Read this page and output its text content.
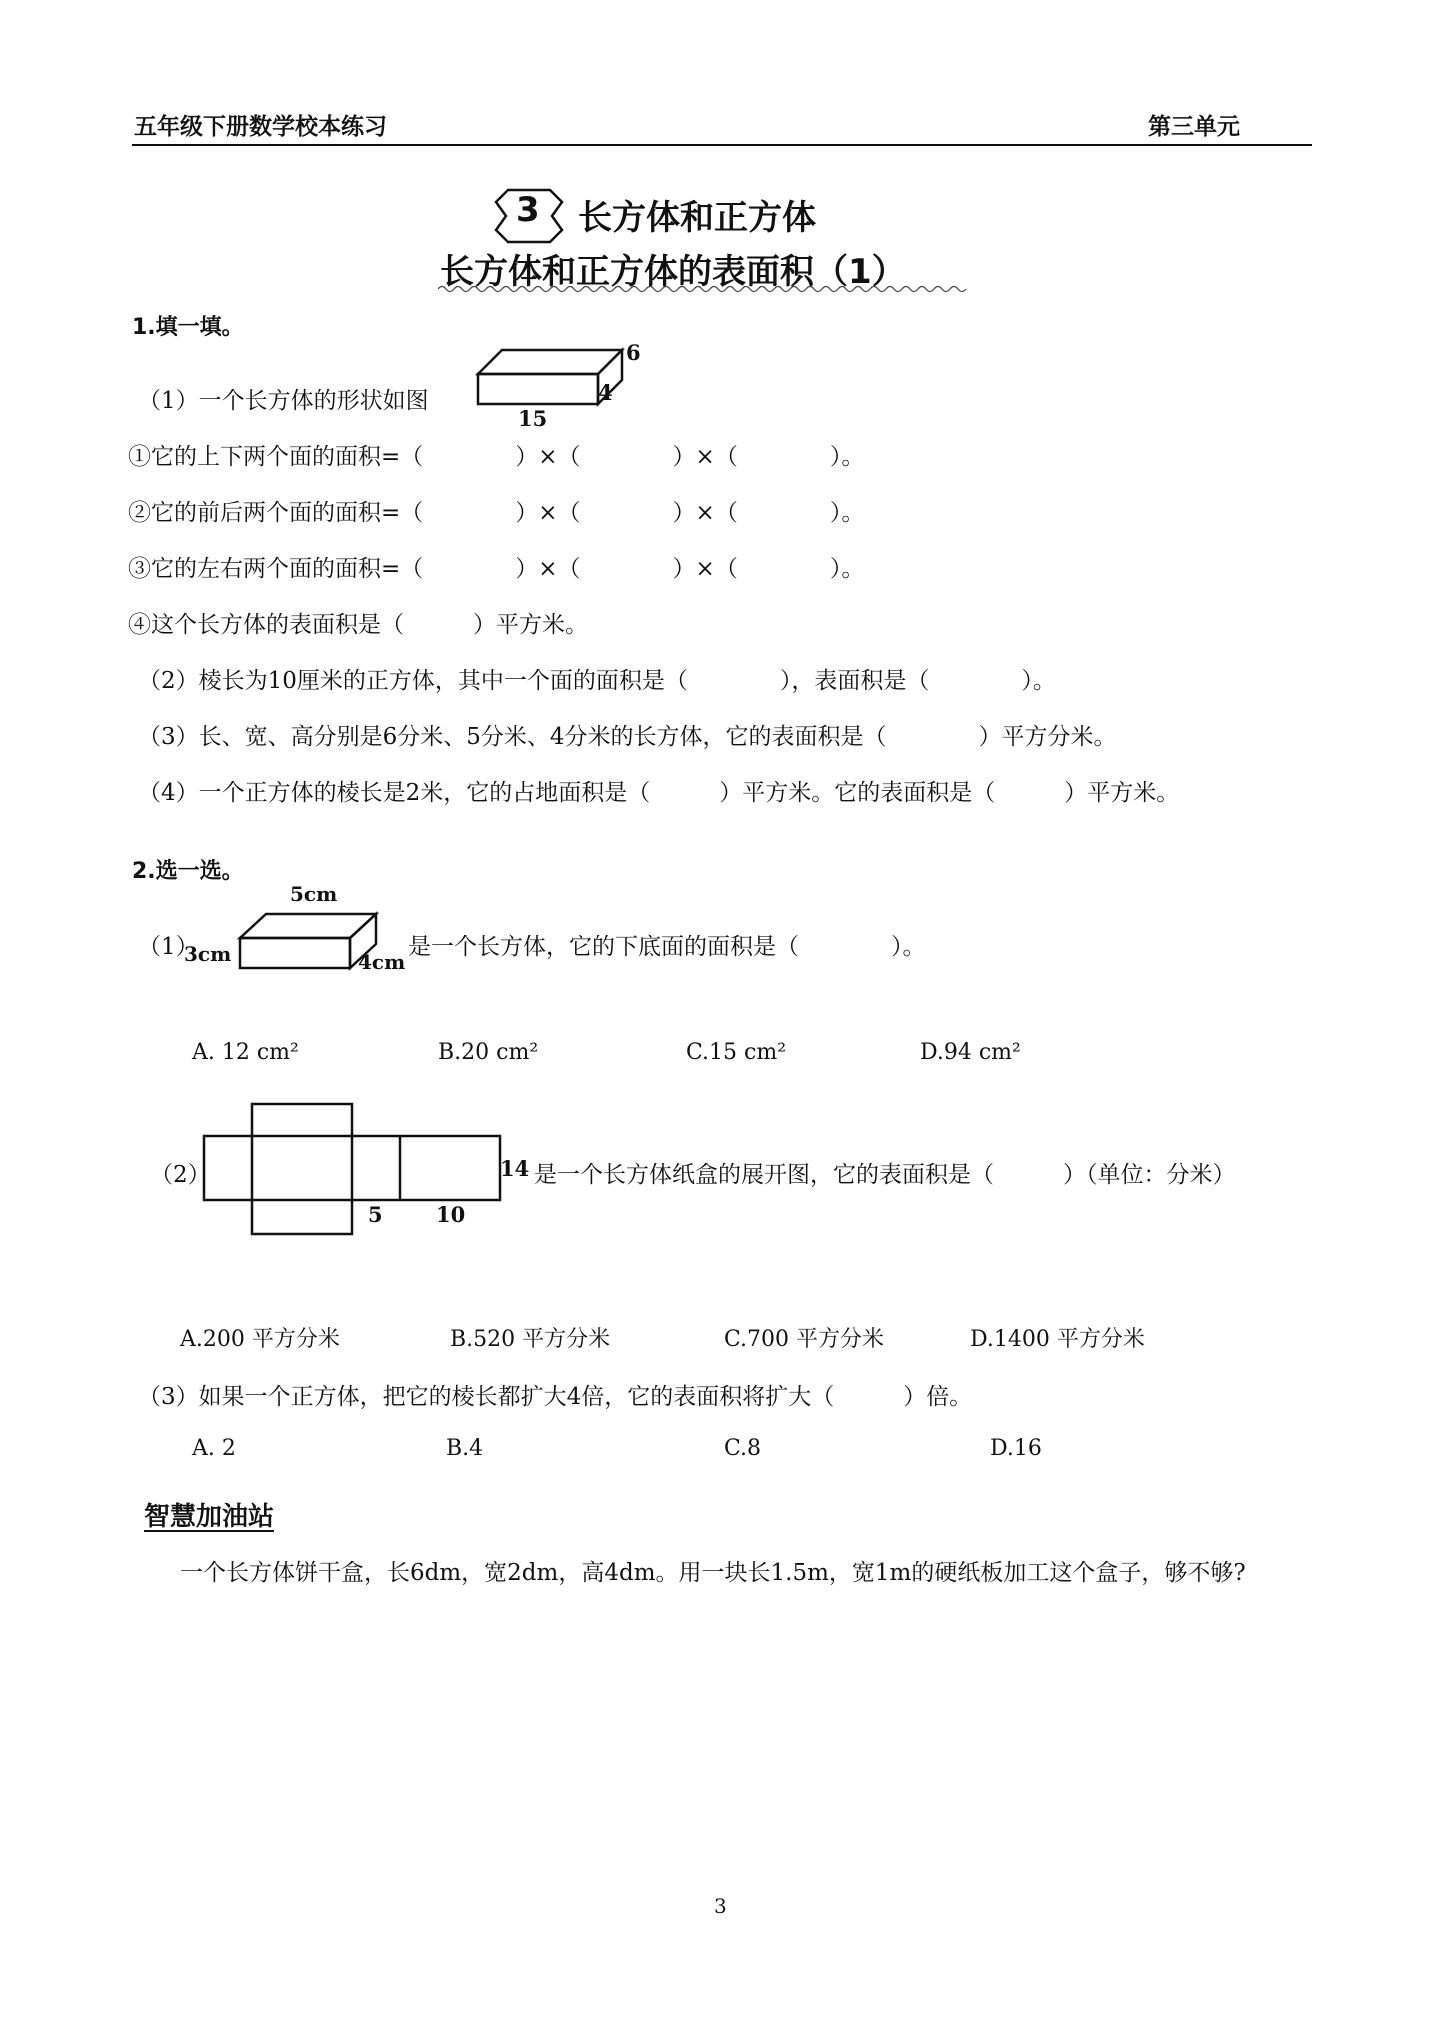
五年级下册数学校本练习	第三单元
3 长方体和正方体
长方体和正方体的表面积（1）
1.填一填。
（1）一个长方体的形状如图
6
4
15
①它的上下两个面的面积=（　　　　）×（　　　　）×（　　　　）。
②它的前后两个面的面积=（　　　　）×（　　　　）×（　　　　）。
③它的左右两个面的面积=（　　　　）×（　　　　）×（　　　　）。
④这个长方体的表面积是（　　　）平方米。
（2）棱长为10厘米的正方体，其中一个面的面积是（　　　　），表面积是（　　　　）。
（3）长、宽、高分别是6分米、5分米、4分米的长方体，它的表面积是（　　　　）平方分米。
（4）一个正方体的棱长是2米，它的占地面积是（　　　）平方米。它的表面积是（　　　）平方米。
2.选一选。
（1）
5cm
3cm	4cm
是一个长方体，它的下底面的面积是（　　　　）。
A. 12 cm²	B.20 cm²	C.15 cm²	D.94 cm²
（2）	14
5	10
是一个长方体纸盒的展开图，它的表面积是（　　　）（单位：分米）
A.200 平方分米	B.520 平方分米	C.700 平方分米	D.1400 平方分米
（3）如果一个正方体，把它的棱长都扩大4倍，它的表面积将扩大（　　　）倍。
A. 2	B.4	C.8	D.16
智慧加油站
一个长方体饼干盒，长6dm，宽2dm，高4dm。用一块长1.5m，宽1m的硬纸板加工这个盒子，够不够?
3
